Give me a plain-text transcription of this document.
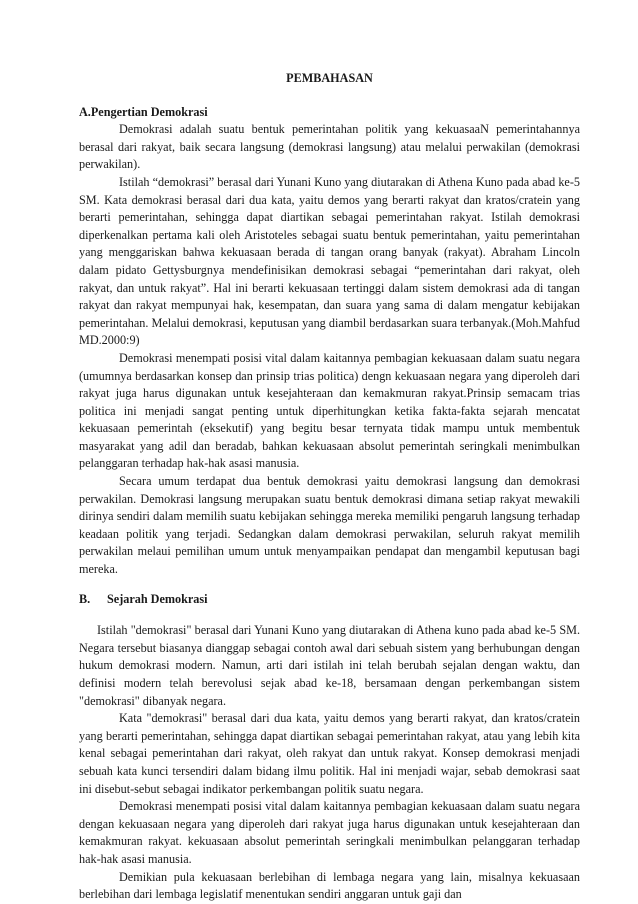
PEMBAHASAN
A.Pengertian Demokrasi

Demokrasi adalah suatu bentuk pemerintahan politik yang kekuasaaN pemerintahannya berasal dari rakyat, baik secara langsung (demokrasi langsung) atau melalui perwakilan (demokrasi perwakilan).

Istilah “demokrasi” berasal dari Yunani Kuno yang diutarakan di Athena Kuno pada abad ke-5 SM. Kata demokrasi berasal dari dua kata, yaitu demos yang berarti rakyat dan kratos/cratein yang berarti pemerintahan, sehingga dapat diartikan sebagai pemerintahan rakyat. Istilah demokrasi diperkenalkan pertama kali oleh Aristoteles sebagai suatu bentuk pemerintahan, yaitu pemerintahan yang menggariskan bahwa kekuasaan berada di tangan orang banyak (rakyat). Abraham Lincoln dalam pidato Gettysburgnya mendefinisikan demokrasi sebagai “pemerintahan dari rakyat, oleh rakyat, dan untuk rakyat”. Hal ini berarti kekuasaan tertinggi dalam sistem demokrasi ada di tangan rakyat dan rakyat mempunyai hak, kesempatan, dan suara yang sama di dalam mengatur kebijakan pemerintahan. Melalui demokrasi, keputusan yang diambil berdasarkan suara terbanyak.(Moh.Mahfud MD.2000:9)

Demokrasi menempati posisi vital dalam kaitannya pembagian kekuasaan dalam suatu negara (umumnya berdasarkan konsep dan prinsip trias politica) dengn kekuasaan negara yang diperoleh dari rakyat juga harus digunakan untuk kesejahteraan dan kemakmuran rakyat.Prinsip semacam trias politica ini menjadi sangat penting untuk diperhitungkan ketika fakta-fakta sejarah mencatat kekuasaan pemerintah (eksekutif) yang begitu besar ternyata tidak mampu untuk membentuk masyarakat yang adil dan beradab, bahkan kekuasaan absolut pemerintah seringkali menimbulkan pelanggaran terhadap hak-hak asasi manusia.

Secara umum terdapat dua bentuk demokrasi yaitu demokrasi langsung dan demokrasi perwakilan. Demokrasi langsung merupakan suatu bentuk demokrasi dimana setiap rakyat mewakili dirinya sendiri dalam memilih suatu kebijakan sehingga mereka memiliki pengaruh langsung terhadap keadaan politik yang terjadi. Sedangkan dalam demokrasi perwakilan, seluruh rakyat memilih perwakilan melaui pemilihan umum untuk menyampaikan pendapat dan mengambil keputusan bagi mereka.

B. Sejarah Demokrasi

Istilah "demokrasi" berasal dari Yunani Kuno yang diutarakan di Athena kuno pada abad ke-5 SM. Negara tersebut biasanya dianggap sebagai contoh awal dari sebuah sistem yang berhubungan dengan hukum demokrasi modern. Namun, arti dari istilah ini telah berubah sejalan dengan waktu, dan definisi modern telah berevolusi sejak abad ke-18, bersamaan dengan perkembangan sistem "demokrasi" dibanyak negara.

Kata "demokrasi" berasal dari dua kata, yaitu demos yang berarti rakyat, dan kratos/cratein yang berarti pemerintahan, sehingga dapat diartikan sebagai pemerintahan rakyat, atau yang lebih kita kenal sebagai pemerintahan dari rakyat, oleh rakyat dan untuk rakyat. Konsep demokrasi menjadi sebuah kata kunci tersendiri dalam bidang ilmu politik. Hal ini menjadi wajar, sebab demokrasi saat ini disebut-sebut sebagai indikator perkembangan politik suatu negara.

Demokrasi menempati posisi vital dalam kaitannya pembagian kekuasaan dalam suatu negara dengan kekuasaan negara yang diperoleh dari rakyat juga harus digunakan untuk kesejahteraan dan kemakmuran rakyat. kekuasaan absolut pemerintah seringkali menimbulkan pelanggaran terhadap hak-hak asasi manusia.

Demikian pula kekuasaan berlebihan di lembaga negara yang lain, misalnya kekuasaan berlebihan dari lembaga legislatif menentukan sendiri anggaran untuk gaji dan
